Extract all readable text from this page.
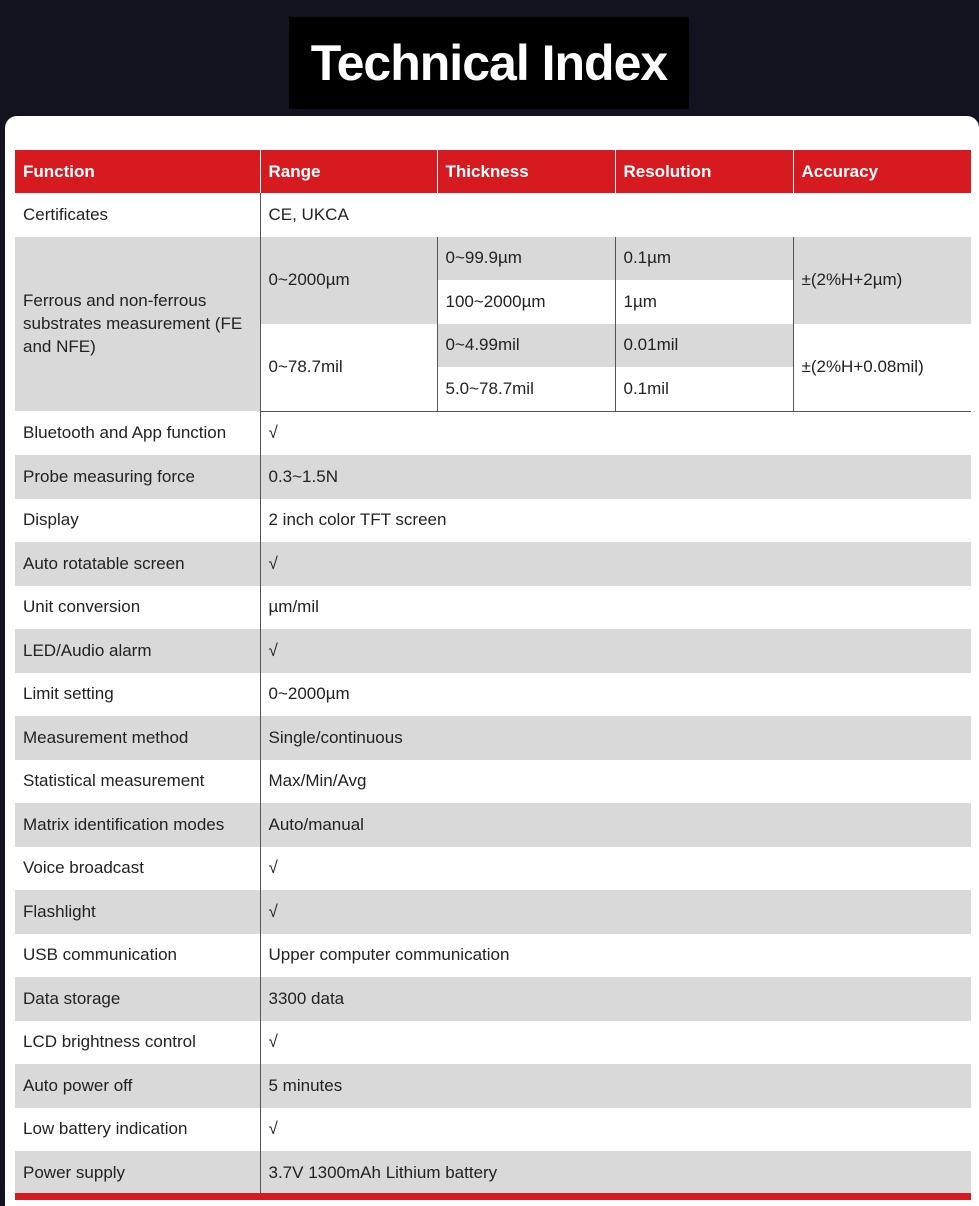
Technical Index
Function	Range	Thickness	Resolution	Accuracy
Certificates	CE, UKCA			
Ferrous and non-ferrous substrates measurement (FE and NFE)	0~2000µm	0~99.9µm	0.1µm	±(2%H+2µm)
		100~2000µm	1µm	
	0~78.7mil	0~4.99mil	0.01mil	±(2%H+0.08mil)
		5.0~78.7mil	0.1mil	
Bluetooth and App function	√			
Probe measuring force	0.3~1.5N			
Display	2 inch color TFT screen			
Auto rotatable screen	√			
Unit conversion	µm/mil			
LED/Audio alarm	√			
Limit setting	0~2000µm			
Measurement method	Single/continuous			
Statistical measurement	Max/Min/Avg			
Matrix identification modes	Auto/manual			
Voice broadcast	√			
Flashlight	√			
USB communication	Upper computer communication			
Data storage	3300 data			
LCD brightness control	√			
Auto power off	5 minutes			
Low battery indication	√			
Power supply	3.7V 1300mAh Lithium battery			
